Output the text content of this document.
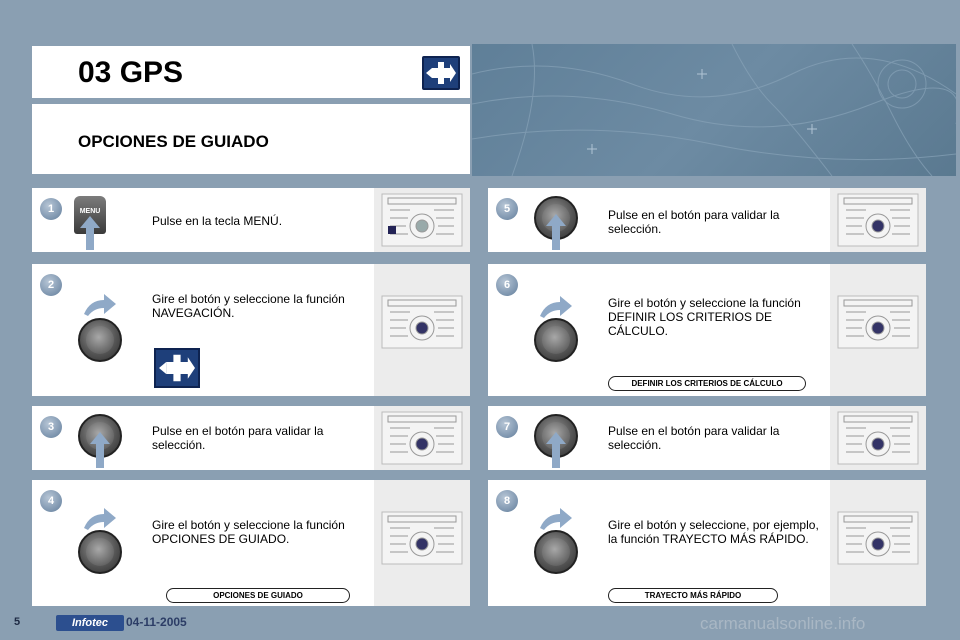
03 GPS
OPCIONES DE GUIADO
1	MENU
Pulse en la tecla MENÚ.
2
Gire el botón y seleccione la función
NAVEGACIÓN.
3	Pulse en el botón para validar la
selección.
4
Gire el botón y seleccione la función
OPCIONES DE GUIADO.
OPCIONES DE GUIADO
5	Pulse en el botón para validar la
selección.
6
Gire el botón y seleccione la función
DEFINIR LOS CRITERIOS DE
CÁLCULO.
DEFINIR LOS CRITERIOS DE CÁLCULO
7	Pulse en el botón para validar la
selección.
8
Gire el botón y seleccione, por ejemplo,
la función TRAYECTO MÁS RÁPIDO.
TRAYECTO MÁS RÁPIDO
5	Infotec	04-11-2005	carmanualsonline.info
